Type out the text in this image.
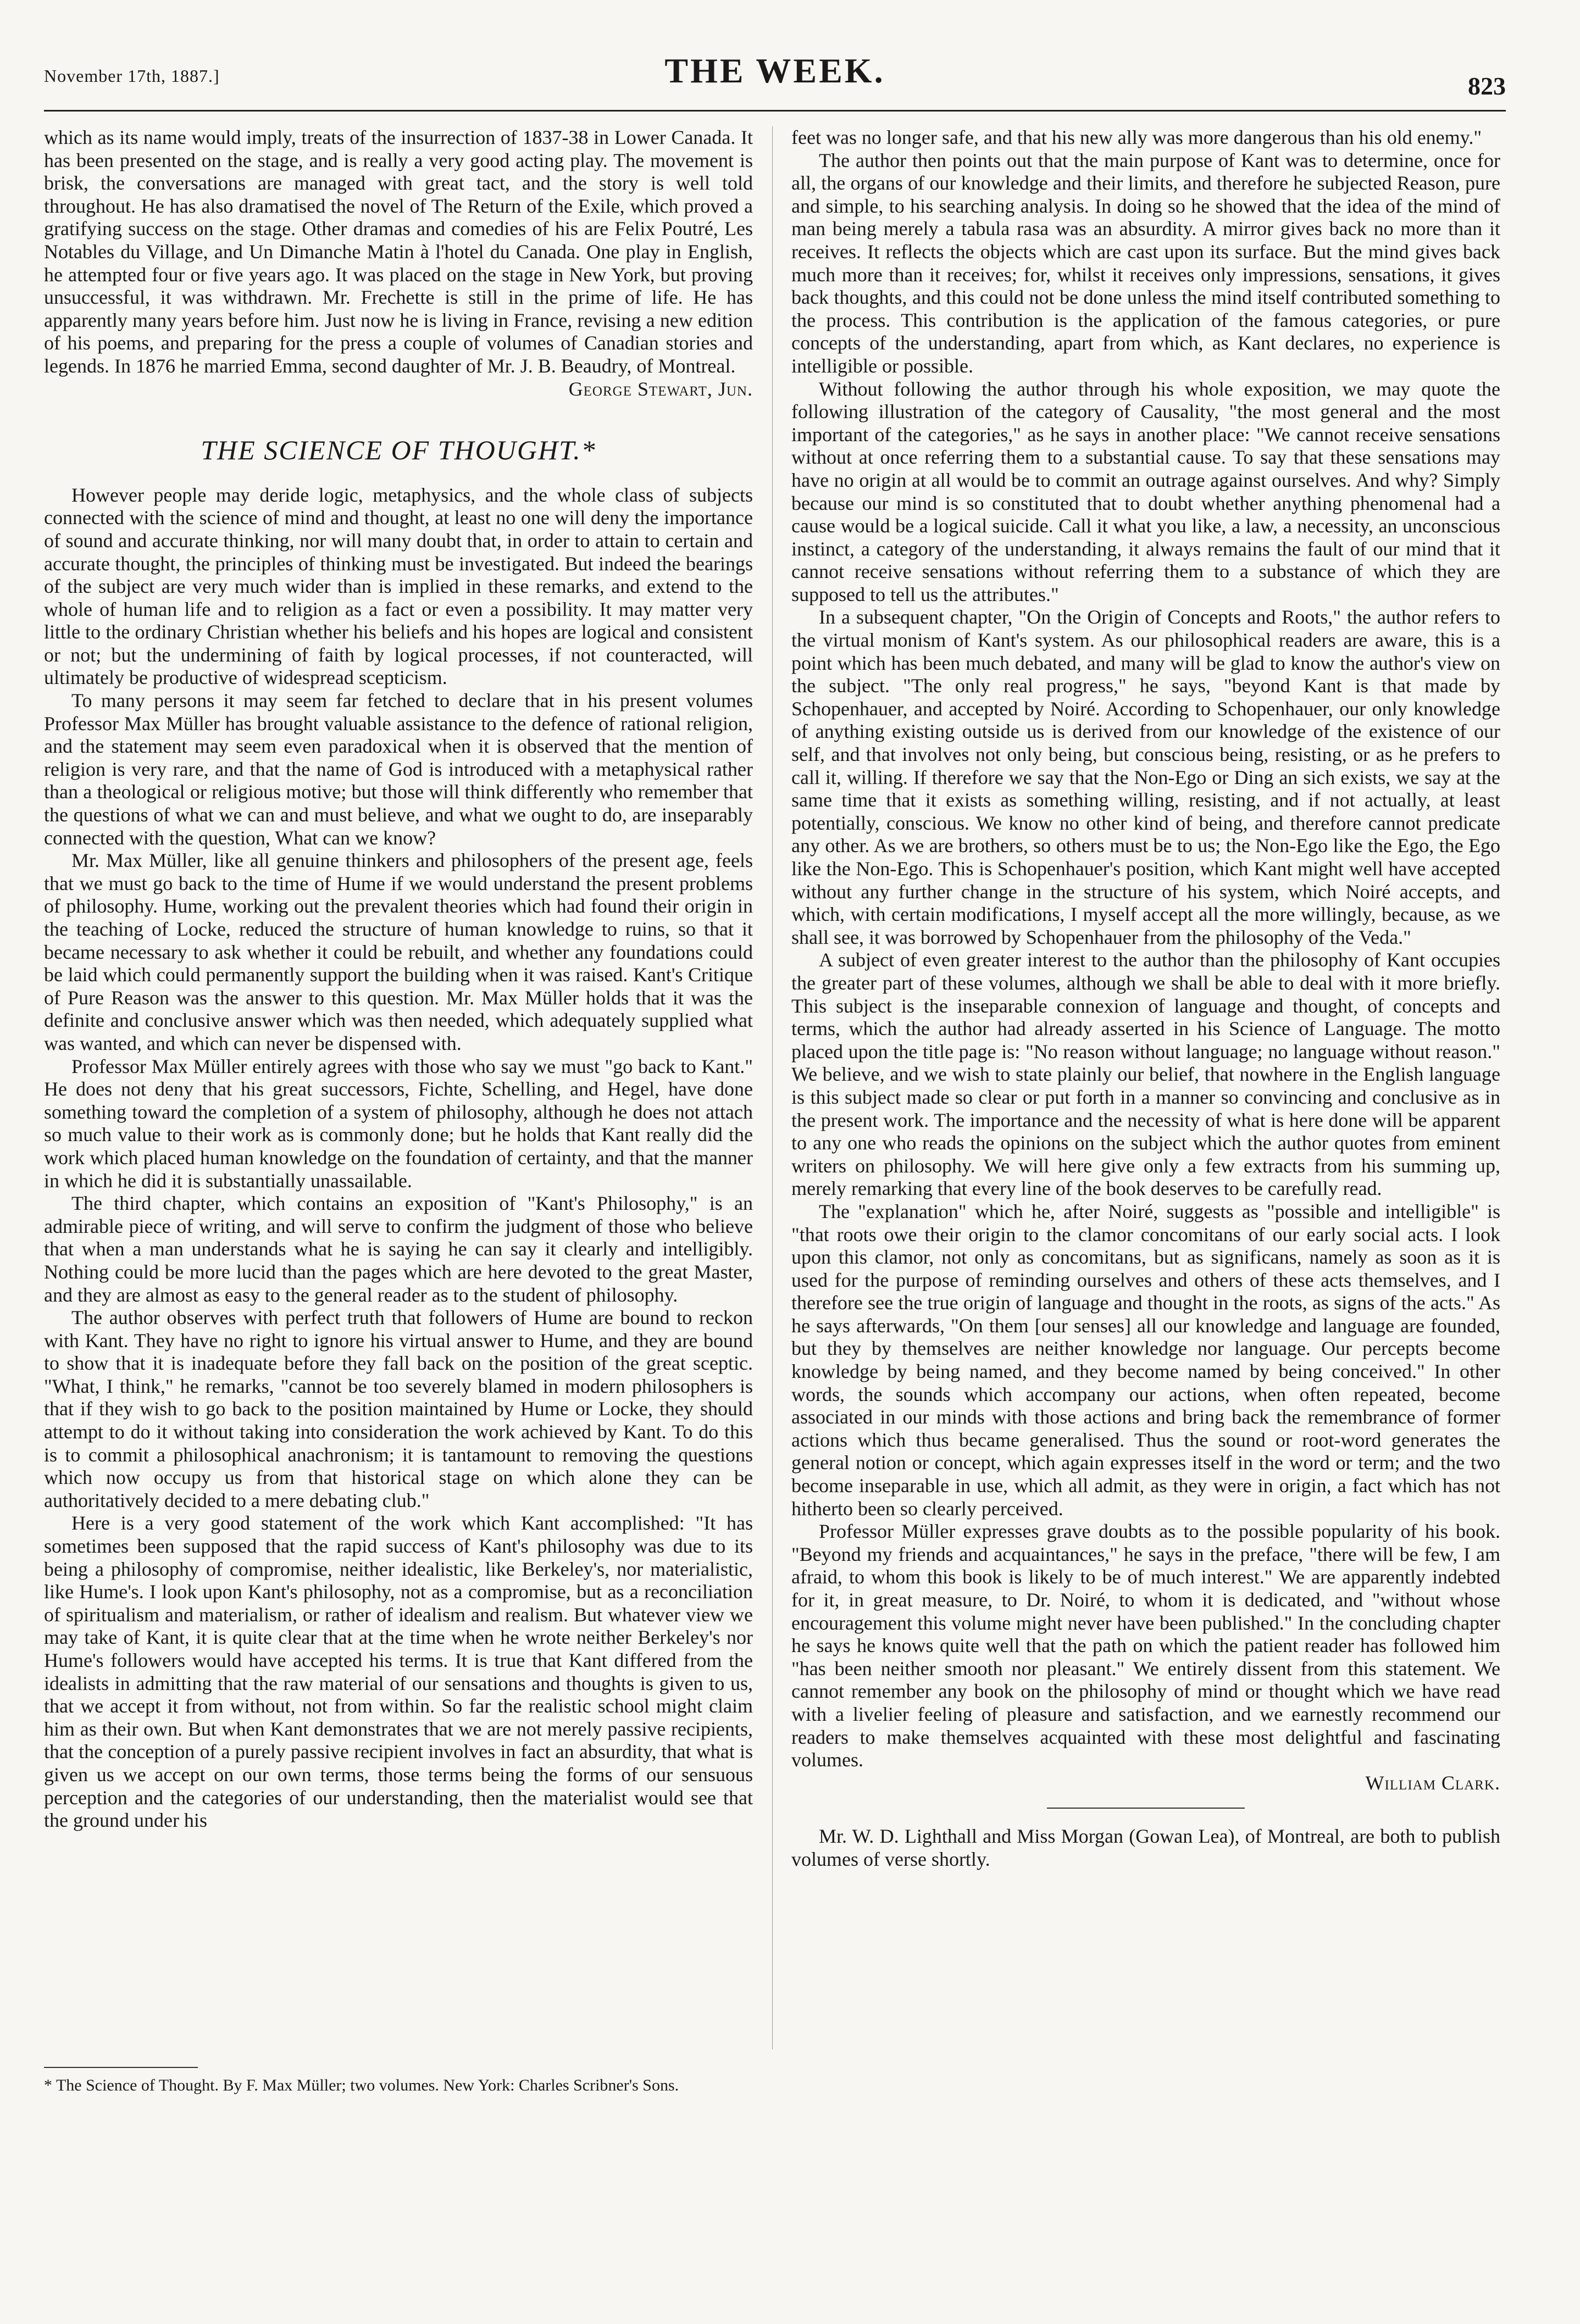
November 17th, 1887.]	THE WEEK.	823

which as its name would imply, treats of the insurrection of 1837-38 in Lower Canada. It has been presented on the stage, and is really a very good acting play. The movement is brisk, the conversations are managed with great tact, and the story is well told throughout. He has also dramatised the novel of The Return of the Exile, which proved a gratifying success on the stage. Other dramas and comedies of his are Felix Poutré, Les Notables du Village, and Un Dimanche Matin à l'hotel du Canada. One play in English, he attempted four or five years ago. It was placed on the stage in New York, but proving unsuccessful, it was withdrawn. Mr. Frechette is still in the prime of life. He has apparently many years before him. Just now he is living in France, revising a new edition of his poems, and preparing for the press a couple of volumes of Canadian stories and legends. In 1876 he married Emma, second daughter of Mr. J. B. Beaudry, of Montreal.

George Stewart, Jun.
THE SCIENCE OF THOUGHT.*

However people may deride logic, metaphysics, and the whole class of subjects connected with the science of mind and thought, at least no one will deny the importance of sound and accurate thinking, nor will many doubt that, in order to attain to certain and accurate thought, the principles of thinking must be investigated. But indeed the bearings of the subject are very much wider than is implied in these remarks, and extend to the whole of human life and to religion as a fact or even a possibility. It may matter very little to the ordinary Christian whether his beliefs and his hopes are logical and consistent or not; but the undermining of faith by logical processes, if not counteracted, will ultimately be productive of widespread scepticism.

To many persons it may seem far fetched to declare that in his present volumes Professor Max Müller has brought valuable assistance to the defence of rational religion, and the statement may seem even paradoxical when it is observed that the mention of religion is very rare, and that the name of God is introduced with a metaphysical rather than a theological or religious motive; but those will think differently who remember that the questions of what we can and must believe, and what we ought to do, are inseparably connected with the question, What can we know?

Mr. Max Müller, like all genuine thinkers and philosophers of the present age, feels that we must go back to the time of Hume if we would understand the present problems of philosophy. Hume, working out the prevalent theories which had found their origin in the teaching of Locke, reduced the structure of human knowledge to ruins, so that it became necessary to ask whether it could be rebuilt, and whether any foundations could be laid which could permanently support the building when it was raised. Kant's Critique of Pure Reason was the answer to this question. Mr. Max Müller holds that it was the definite and conclusive answer which was then needed, which adequately supplied what was wanted, and which can never be dispensed with.

Professor Max Müller entirely agrees with those who say we must "go back to Kant." He does not deny that his great successors, Fichte, Schelling, and Hegel, have done something toward the completion of a system of philosophy, although he does not attach so much value to their work as is commonly done; but he holds that Kant really did the work which placed human knowledge on the foundation of certainty, and that the manner in which he did it is substantially unassailable.

The third chapter, which contains an exposition of "Kant's Philosophy," is an admirable piece of writing, and will serve to confirm the judgment of those who believe that when a man understands what he is saying he can say it clearly and intelligibly. Nothing could be more lucid than the pages which are here devoted to the great Master, and they are almost as easy to the general reader as to the student of philosophy.

The author observes with perfect truth that followers of Hume are bound to reckon with Kant. They have no right to ignore his virtual answer to Hume, and they are bound to show that it is inadequate before they fall back on the position of the great sceptic. "What, I think," he remarks, "cannot be too severely blamed in modern philosophers is that if they wish to go back to the position maintained by Hume or Locke, they should attempt to do it without taking into consideration the work achieved by Kant. To do this is to commit a philosophical anachronism; it is tantamount to removing the questions which now occupy us from that historical stage on which alone they can be authoritatively decided to a mere debating club."

Here is a very good statement of the work which Kant accomplished: "It has sometimes been supposed that the rapid success of Kant's philosophy was due to its being a philosophy of compromise, neither idealistic, like Berkeley's, nor materialistic, like Hume's. I look upon Kant's philosophy, not as a compromise, but as a reconciliation of spiritualism and materialism, or rather of idealism and realism. But whatever view we may take of Kant, it is quite clear that at the time when he wrote neither Berkeley's nor Hume's followers would have accepted his terms. It is true that Kant differed from the idealists in admitting that the raw material of our sensations and thoughts is given to us, that we accept it from without, not from within. So far the realistic school might claim him as their own. But when Kant demonstrates that we are not merely passive recipients, that the conception of a purely passive recipient involves in fact an absurdity, that what is given us we accept on our own terms, those terms being the forms of our sensuous perception and the categories of our understanding, then the materialist would see that the ground under his

feet was no longer safe, and that his new ally was more dangerous than his old enemy."

The author then points out that the main purpose of Kant was to determine, once for all, the organs of our knowledge and their limits, and therefore he subjected Reason, pure and simple, to his searching analysis. In doing so he showed that the idea of the mind of man being merely a tabula rasa was an absurdity. A mirror gives back no more than it receives. It reflects the objects which are cast upon its surface. But the mind gives back much more than it receives; for, whilst it receives only impressions, sensations, it gives back thoughts, and this could not be done unless the mind itself contributed something to the process. This contribution is the application of the famous categories, or pure concepts of the understanding, apart from which, as Kant declares, no experience is intelligible or possible.

Without following the author through his whole exposition, we may quote the following illustration of the category of Causality, "the most general and the most important of the categories," as he says in another place: "We cannot receive sensations without at once referring them to a substantial cause. To say that these sensations may have no origin at all would be to commit an outrage against ourselves. And why? Simply because our mind is so constituted that to doubt whether anything phenomenal had a cause would be a logical suicide. Call it what you like, a law, a necessity, an unconscious instinct, a category of the understanding, it always remains the fault of our mind that it cannot receive sensations without referring them to a substance of which they are supposed to tell us the attributes."

In a subsequent chapter, "On the Origin of Concepts and Roots," the author refers to the virtual monism of Kant's system. As our philosophical readers are aware, this is a point which has been much debated, and many will be glad to know the author's view on the subject. "The only real progress," he says, "beyond Kant is that made by Schopenhauer, and accepted by Noiré. According to Schopenhauer, our only knowledge of anything existing outside us is derived from our knowledge of the existence of our self, and that involves not only being, but conscious being, resisting, or as he prefers to call it, willing. If therefore we say that the Non-Ego or Ding an sich exists, we say at the same time that it exists as something willing, resisting, and if not actually, at least potentially, conscious. We know no other kind of being, and therefore cannot predicate any other. As we are brothers, so others must be to us; the Non-Ego like the Ego, the Ego like the Non-Ego. This is Schopenhauer's position, which Kant might well have accepted without any further change in the structure of his system, which Noiré accepts, and which, with certain modifications, I myself accept all the more willingly, because, as we shall see, it was borrowed by Schopenhauer from the philosophy of the Veda."

A subject of even greater interest to the author than the philosophy of Kant occupies the greater part of these volumes, although we shall be able to deal with it more briefly. This subject is the inseparable connexion of language and thought, of concepts and terms, which the author had already asserted in his Science of Language. The motto placed upon the title page is: "No reason without language; no language without reason." We believe, and we wish to state plainly our belief, that nowhere in the English language is this subject made so clear or put forth in a manner so convincing and conclusive as in the present work. The importance and the necessity of what is here done will be apparent to any one who reads the opinions on the subject which the author quotes from eminent writers on philosophy. We will here give only a few extracts from his summing up, merely remarking that every line of the book deserves to be carefully read.

The "explanation" which he, after Noiré, suggests as "possible and intelligible" is "that roots owe their origin to the clamor concomitans of our early social acts. I look upon this clamor, not only as concomitans, but as significans, namely as soon as it is used for the purpose of reminding ourselves and others of these acts themselves, and I therefore see the true origin of language and thought in the roots, as signs of the acts." As he says afterwards, "On them [our senses] all our knowledge and language are founded, but they by themselves are neither knowledge nor language. Our percepts become knowledge by being named, and they become named by being conceived." In other words, the sounds which accompany our actions, when often repeated, become associated in our minds with those actions and bring back the remembrance of former actions which thus became generalised. Thus the sound or root-word generates the general notion or concept, which again expresses itself in the word or term; and the two become inseparable in use, which all admit, as they were in origin, a fact which has not hitherto been so clearly perceived.

Professor Müller expresses grave doubts as to the possible popularity of his book. "Beyond my friends and acquaintances," he says in the preface, "there will be few, I am afraid, to whom this book is likely to be of much interest." We are apparently indebted for it, in great measure, to Dr. Noiré, to whom it is dedicated, and "without whose encouragement this volume might never have been published." In the concluding chapter he says he knows quite well that the path on which the patient reader has followed him "has been neither smooth nor pleasant." We entirely dissent from this statement. We cannot remember any book on the philosophy of mind or thought which we have read with a livelier feeling of pleasure and satisfaction, and we earnestly recommend our readers to make themselves acquainted with these most delightful and fascinating volumes.

William Clark.

Mr. W. D. Lighthall and Miss Morgan (Gowan Lea), of Montreal, are both to publish volumes of verse shortly.

* The Science of Thought. By F. Max Müller; two volumes. New York: Charles Scribner's Sons.
